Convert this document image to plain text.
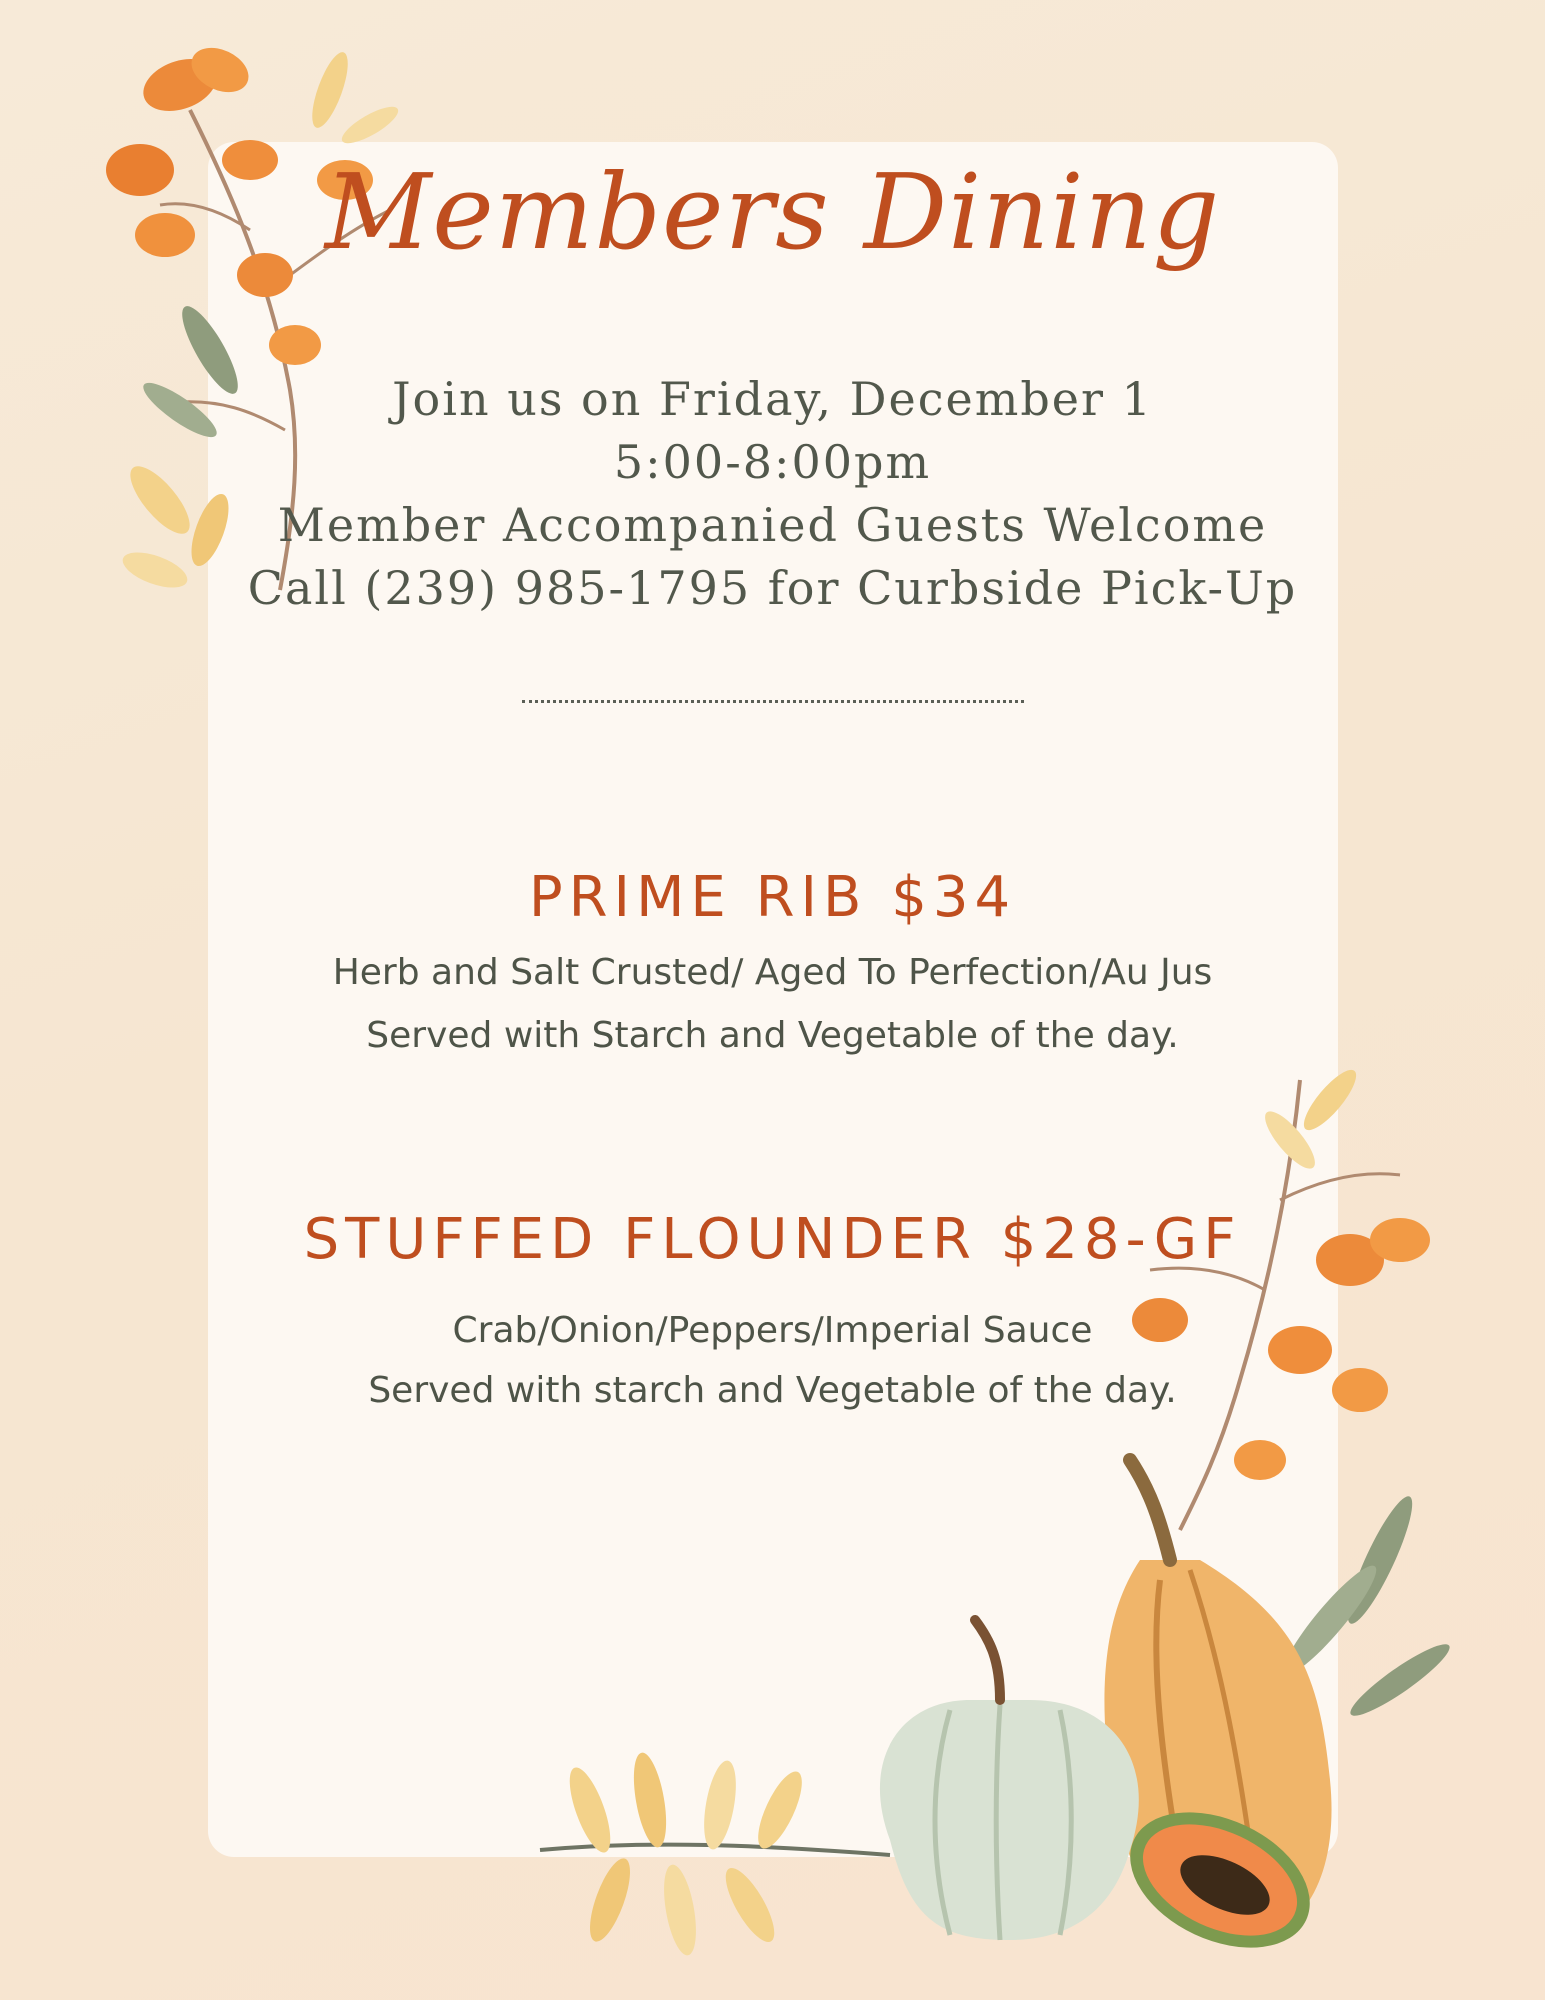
Members Dining
Join us on Friday, December 1
5:00-8:00pm
Member Accompanied Guests Welcome
Call (239) 985-1795 for Curbside Pick-Up
PRIME RIB $34
Herb and Salt Crusted/ Aged To Perfection/Au Jus
Served with Starch and Vegetable of the day.
STUFFED FLOUNDER $28-GF
Crab/Onion/Peppers/Imperial Sauce
Served with starch and Vegetable of the day.
